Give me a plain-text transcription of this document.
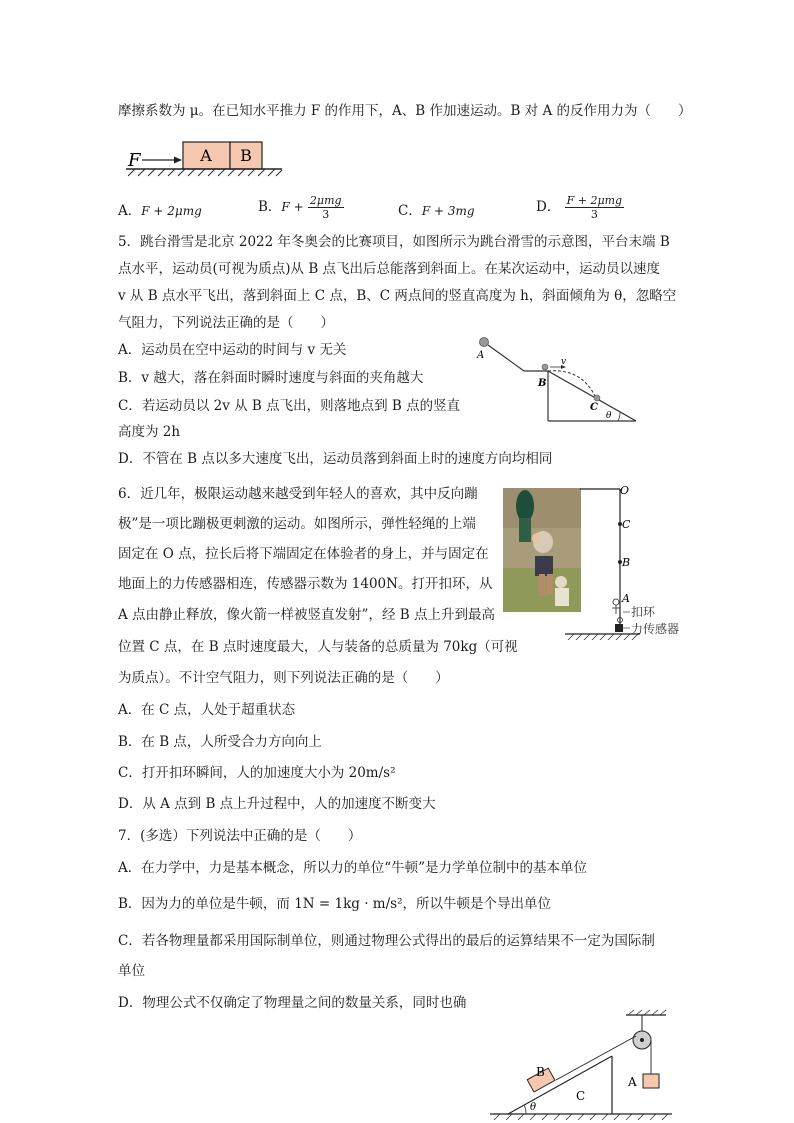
摩擦系数为 μ。在已知水平推力 F 的作用下，A、B 作加速运动。B 对 A 的反作用力为（　　）
F	A B
A．F + 2μmg	B．$F + \frac{\text{2μmg}}{3}$	C．F + 3mg	D． $\frac{\text{F + 2μmg}}{3}$
5．跳台滑雪是北京 2022 年冬奥会的比赛项目，如图所示为跳台滑雪的示意图，平台末端 B
点水平，运动员(可视为质点)从 B 点飞出后总能落到斜面上。在某次运动中，运动员以速度
v 从 B 点水平飞出，落到斜面上 C 点，B、C 两点间的竖直高度为 h，斜面倾角为 θ，忽略空
气阻力，下列说法正确的是（　　）
A．运动员在空中运动的时间与 v 无关
B．v 越大，落在斜面时瞬时速度与斜面的夹角越大
C．若运动员以 2v 从 B 点飞出，则落地点到 B 点的竖直
高度为 2h
D．不管在 B 点以多大速度飞出，运动员落到斜面上时的速度方向均相同
A
v
B
C
θ
6．近几年，极限运动越来越受到年轻人的喜欢，其中反向蹦
极”是一项比蹦极更刺激的运动。如图所示，弹性轻绳的上端
固定在 O 点，拉长后将下端固定在体验者的身上，并与固定在
地面上的力传感器相连，传感器示数为 1400N。打开扣环，从
A 点由静止释放，像火箭一样被竖直发射”，经 B 点上升到最高
位置 C 点，在 B 点时速度最大，人与装备的总质量为 70kg（可视
为质点）。不计空气阻力，则下列说法正确的是（　　）
A．在 C 点，人处于超重状态
B．在 B 点，人所受合力方向向上
C．打开扣环瞬间，人的加速度大小为 20m/s²
D．从 A 点到 B 点上升过程中，人的加速度不断变大
O
C
B
A
扣环
力传感器
7．(多选）下列说法中正确的是（　　）
A．在力学中，力是基本概念，所以力的单位“牛顿”是力学单位制中的基本单位
B．因为力的单位是牛顿，而 1N = 1kg · m/s²，所以牛顿是个导出单位
C．若各物理量都采用国际制单位，则通过物理公式得出的最后的运算结果不一定为国际制
单位
D．物理公式不仅确定了物理量之间的数量关系，同时也确
B
A
C
θ
